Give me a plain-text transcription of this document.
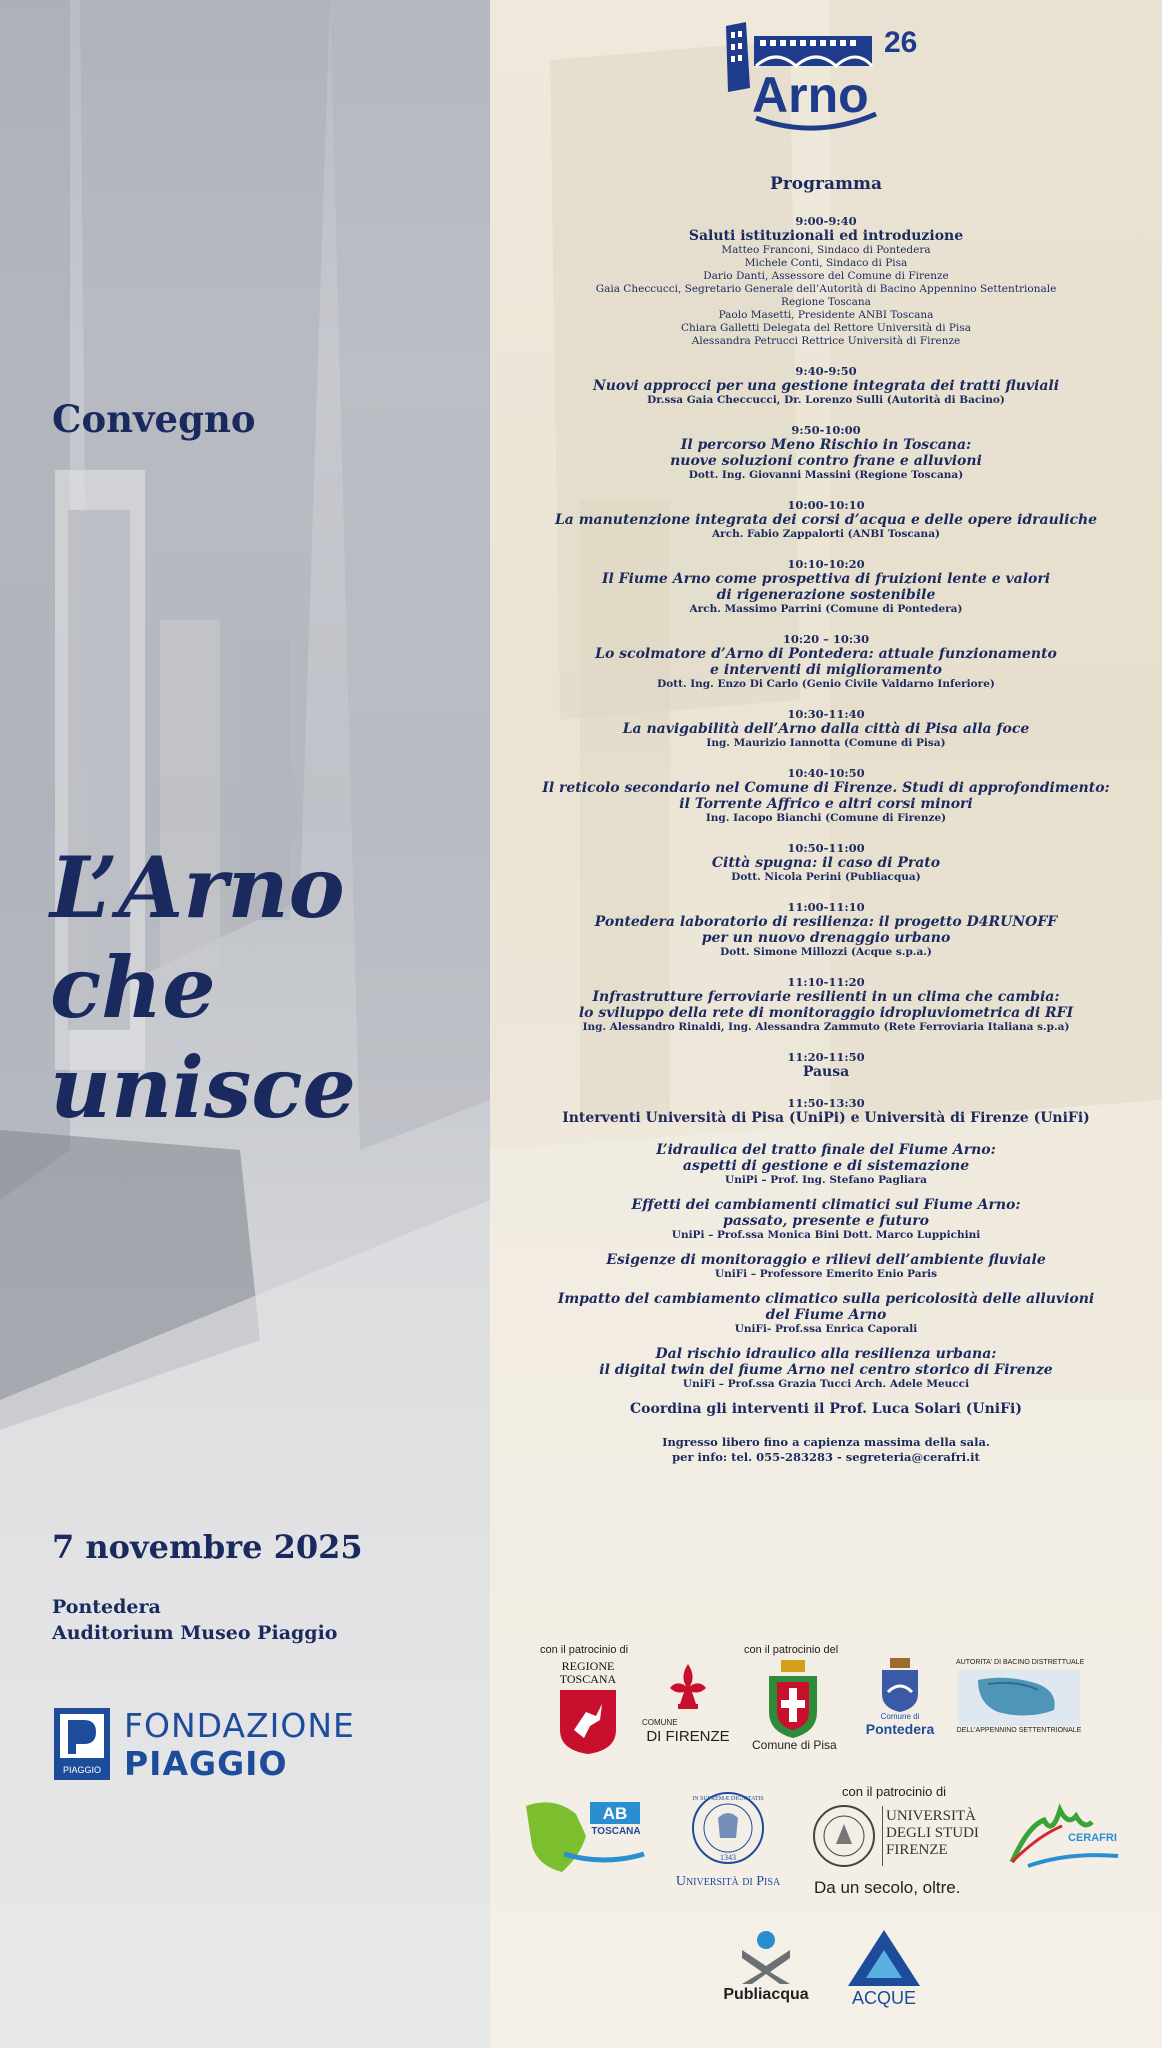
Convegno
L’Arno
che
unisce
7 novembre 2025
Pontedera
Auditorium Museo Piaggio
PIAGGIO
FONDAZIONE
PIAGGIO
26
Arno
Programma
9:00-9:40
Saluti istituzionali ed introduzione
Matteo Franconi, Sindaco di Pontedera
Michele Conti, Sindaco di Pisa
Dario Danti, Assessore del Comune di Firenze
Gaia Checcucci, Segretario Generale dell’Autorità di Bacino Appennino Settentrionale
Regione Toscana
Paolo Masetti, Presidente ANBI Toscana
Chiara Galletti Delegata del Rettore Università di Pisa
Alessandra Petrucci Rettrice Università di Firenze
9:40-9:50
Nuovi approcci per una gestione integrata dei tratti fluviali
Dr.ssa Gaia Checcucci, Dr. Lorenzo Sulli (Autorità di Bacino)
9:50-10:00
Il percorso Meno Rischio in Toscana:
nuove soluzioni contro frane e alluvioni
Dott. Ing. Giovanni Massini (Regione Toscana)
10:00-10:10
La manutenzione integrata dei corsi d’acqua e delle opere idrauliche
Arch. Fabio Zappalorti (ANBI Toscana)
10:10-10:20
Il Fiume Arno come prospettiva di fruizioni lente e valori
di rigenerazione sostenibile
Arch. Massimo Parrini (Comune di Pontedera)
10:20 – 10:30
Lo scolmatore d’Arno di Pontedera: attuale funzionamento
e interventi di miglioramento
Dott. Ing. Enzo Di Carlo (Genio Civile Valdarno Inferiore)
10:30-11:40
La navigabilità dell’Arno dalla città di Pisa alla foce
Ing. Maurizio Iannotta (Comune di Pisa)
10:40-10:50
Il reticolo secondario nel Comune di Firenze. Studi di approfondimento:
il Torrente Affrico e altri corsi minori
Ing. Iacopo Bianchi (Comune di Firenze)
10:50-11:00
Città spugna: il caso di Prato
Dott. Nicola Perini (Publiacqua)
11:00-11:10
Pontedera laboratorio di resilienza: il progetto D4RUNOFF
per un nuovo drenaggio urbano
Dott. Simone Millozzi (Acque s.p.a.)
11:10-11:20
Infrastrutture ferroviarie resilienti in un clima che cambia:
lo sviluppo della rete di monitoraggio idropluviometrica di RFI
Ing. Alessandro Rinaldi, Ing. Alessandra Zammuto (Rete Ferroviaria Italiana s.p.a)
11:20-11:50
Pausa
11:50-13:30
Interventi Università di Pisa (UniPi) e Università di Firenze (UniFi)
L’idraulica del tratto finale del Fiume Arno:
aspetti di gestione e di sistemazione
UniPi – Prof. Ing. Stefano Pagliara
Effetti dei cambiamenti climatici sul Fiume Arno:
passato, presente e futuro
UniPi – Prof.ssa Monica Bini Dott. Marco Luppichini
Esigenze di monitoraggio e rilievi dell’ambiente fluviale
UniFi – Professore Emerito Enio Paris
Impatto del cambiamento climatico sulla pericolosità delle alluvioni
del Fiume Arno
UniFi- Prof.ssa Enrica Caporali
Dal rischio idraulico alla resilienza urbana:
il digital twin del fiume Arno nel centro storico di Firenze
UniFi – Prof.ssa Grazia Tucci Arch. Adele Meucci
Coordina gli interventi il Prof. Luca Solari (UniFi)
Ingresso libero fino a capienza massima della sala.
per info: tel. 055-283283 - segreteria@cerafri.it
con il patrocinio di	con il patrocinio del
REGIONE
TOSCANA
COMUNE
DI FIRENZE	Comune di Pisa
Comune di
Pontedera
AUTORITA' DI BACINO DISTRETTUALE
DELL'APPENNINO SETTENTRIONALE
AB
TOSCANA
1343
IN SUPREMÆ DIGNITATIS
Università di Pisa
con il patrocinio di
UNIVERSITÀ
DEGLI STUDI
FIRENZE
Da un secolo, oltre.
CERAFRI
Publiacqua	ACQUE
